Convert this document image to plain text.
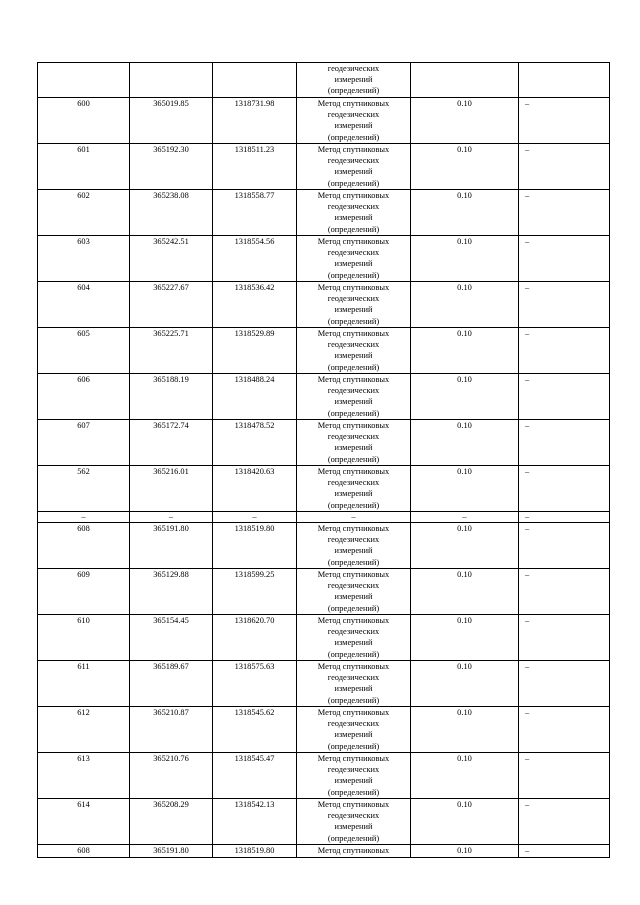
			геодезических
измерений
(определений)		

600	365019.85	1318731.98	Метод спутниковых
геодезических
измерений
(определений)	0.10	–
601	365192.30	1318511.23	Метод спутниковых
геодезических
измерений
(определений)	0.10	–
602	365238.08	1318558.77	Метод спутниковых
геодезических
измерений
(определений)	0.10	–
603	365242.51	1318554.56	Метод спутниковых
геодезических
измерений
(определений)	0.10	–
604	365227.67	1318536.42	Метод спутниковых
геодезических
измерений
(определений)	0.10	–
605	365225.71	1318529.89	Метод спутниковых
геодезических
измерений
(определений)	0.10	–
606	365188.19	1318488.24	Метод спутниковых
геодезических
измерений
(определений)	0.10	–
607	365172.74	1318478.52	Метод спутниковых
геодезических
измерений
(определений)	0.10	–
562	365216.01	1318420.63	Метод спутниковых
геодезических
измерений
(определений)	0.10	–
–	–	–	–	–	–
608	365191.80	1318519.80	Метод спутниковых
геодезических
измерений
(определений)	0.10	–
609	365129.88	1318599.25	Метод спутниковых
геодезических
измерений
(определений)	0.10	–
610	365154.45	1318620.70	Метод спутниковых
геодезических
измерений
(определений)	0.10	–
611	365189.67	1318575.63	Метод спутниковых
геодезических
измерений
(определений)	0.10	–
612	365210.87	1318545.62	Метод спутниковых
геодезических
измерений
(определений)	0.10	–
613	365210.76	1318545.47	Метод спутниковых
геодезических
измерений
(определений)	0.10	–
614	365208.29	1318542.13	Метод спутниковых
геодезических
измерений
(определений)	0.10	–
608	365191.80	1318519.80	Метод спутниковых	0.10	–
